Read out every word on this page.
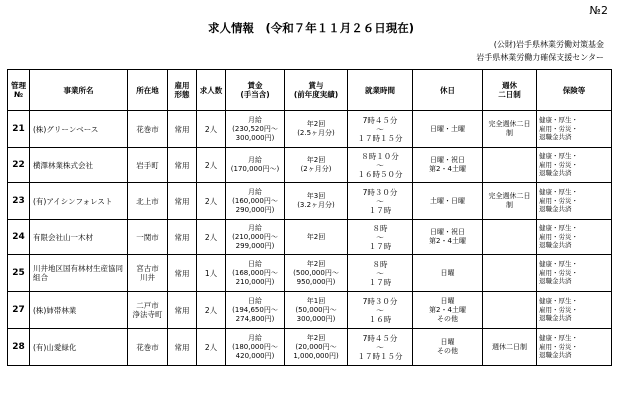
№2
求人情報　(令和７年１１月２６日現在)
(公財)岩手県林業労働対策基金
岩手県林業労働力確保支援センター
管理
№	事業所名	所在地	雇用
形態	求人数	賃金
(手当含)	賞与
(前年度実績)	就業時間	休日	週休
二日制	保険等
21	(株)グリーンベース	花巻市	常用	2人	月給
(230,520円～
300,000円)	年2回
(2.5ヶ月分)	7時４５分
～
１７時１５分	日曜・土曜	完全週休二日
制	健康・厚生・
雇用・労災・
退職金共済

22	横澤林業株式会社	岩手町	常用	2人	月給
(170,000円～)	年2回
(2ヶ月分)	８時１０分
～
１６時５０分	日曜・祝日
第2・4土曜		健康・厚生・
雇用・労災・
退職金共済

23	(有)アイシンフォレスト	北上市	常用	2人	月給
(160,000円～
290,000円)	年3回
(3.2ヶ月分)	7時３０分
～
１７時	土曜・日曜	完全週休二日
制	健康・厚生・
雇用・労災・
退職金共済

24	有限会社山一木材	一関市	常用	2人	月給
(210,000円～
299,000円)	年2回	８時
～
１７時	日曜・祝日
第2・4土曜		健康・厚生・
雇用・労災・
退職金共済

25	川井地区国有林材生産協同組合	宮古市
川井	常用	1人	日給
(168,000円～
210,000円)	年2回
(500,000円～
950,000円)	８時
～
１７時	日曜		健康・厚生・
雇用・労災・
退職金共済

27	(株)姉帯林業	二戸市
浄法寺町	常用	2人	日給
(194,650円～
274,800円)	年1回
(50,000円～
300,000円)	7時３０分
～
１６時	日曜
第2・4土曜
その他		健康・厚生・
雇用・労災・
退職金共済

28	(有)山愛緑化	花巻市	常用	2人	月給
(180,000円～
420,000円)	年2回
(20,000円～
1,000,000円)	7時４５分
～
１７時１５分	日曜
その他	週休二日制	健康・厚生・
雇用・労災・
退職金共済
